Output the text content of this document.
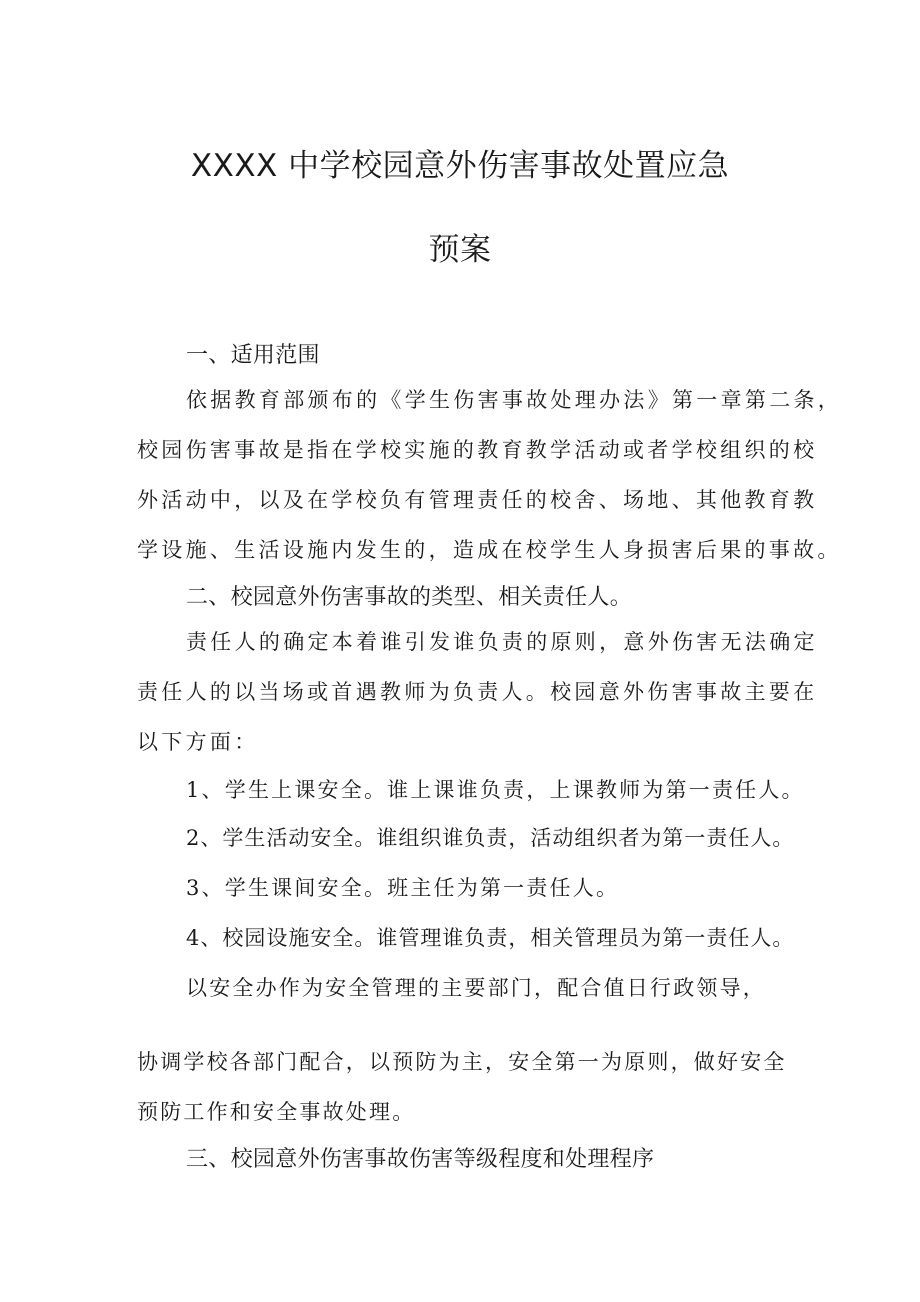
XXXX 中学校园意外伤害事故处置应急
预案
一、适用范围

依据教育部颁布的《学生伤害事故处理办法》第一章第二条，

校园伤害事故是指在学校实施的教育教学活动或者学校组织的校

外活动中，以及在学校负有管理责任的校舍、场地、其他教育教

学设施、生活设施内发生的，造成在校学生人身损害后果的事故。

二、校园意外伤害事故的类型、相关责任人。

责任人的确定本着谁引发谁负责的原则，意外伤害无法确定

责任人的以当场或首遇教师为负责人。校园意外伤害事故主要在

以下方面：

1、学生上课安全。谁上课谁负责，上课教师为第一责任人。

2、学生活动安全。谁组织谁负责，活动组织者为第一责任人。

3、学生课间安全。班主任为第一责任人。

4、校园设施安全。谁管理谁负责，相关管理员为第一责任人。

以安全办作为安全管理的主要部门，配合值日行政领导，

协调学校各部门配合，以预防为主，安全第一为原则，做好安全

预防工作和安全事故处理。

三、校园意外伤害事故伤害等级程度和处理程序
